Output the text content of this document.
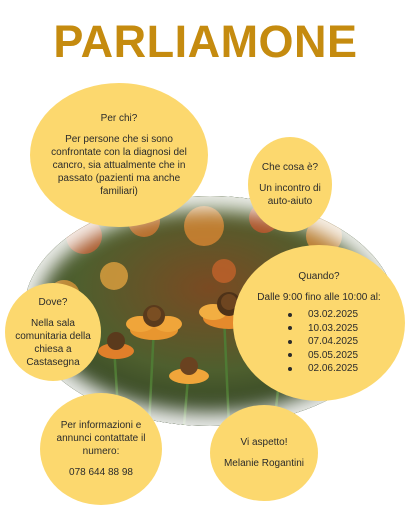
PARLIAMONE

Per chi?

Per persone che si sono confrontate con la diagnosi del cancro, sia attualmente che in passato (pazienti ma anche familiari)

Che cosa è?

Un incontro di auto-aiuto

Quando?

Dalle 9:00 fino alle 10:00 al:

03.02.2025
10.03.2025
07.04.2025
05.05.2025
02.06.2025

Dove?

Nella sala comunitaria della chiesa a Castasegna

Per informazioni e annunci contattate il numero:

078 644 88 98

Vi aspetto!

Melanie Rogantini
